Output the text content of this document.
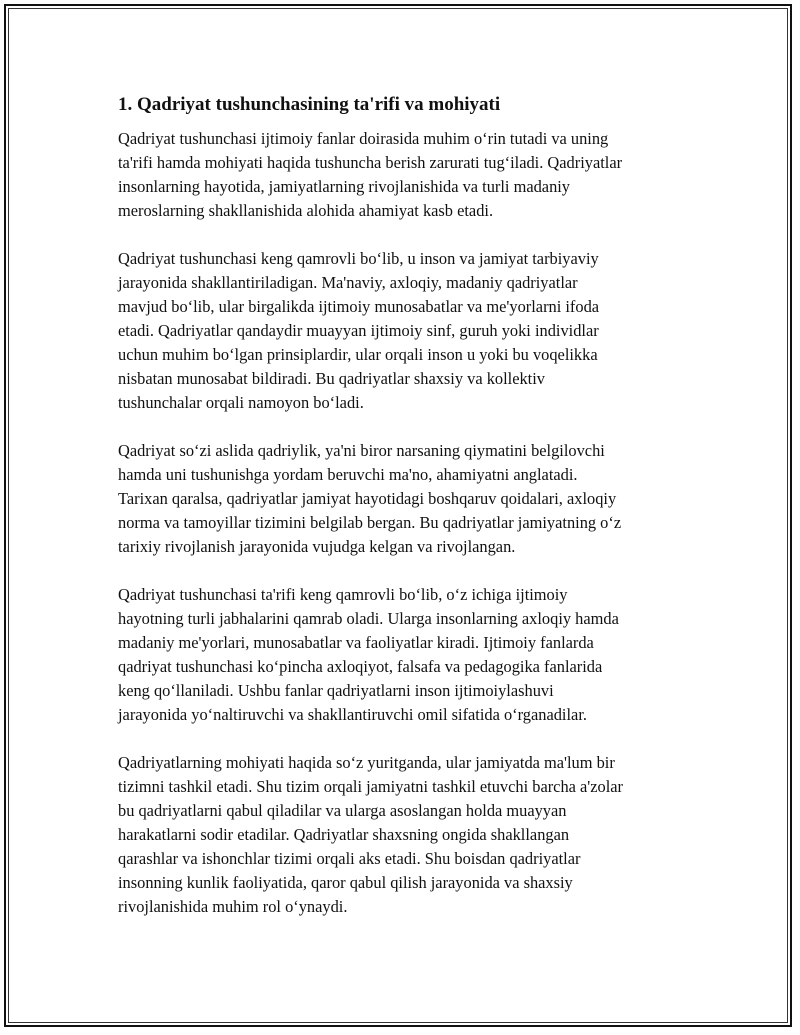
1. Qadriyat tushunchasining ta'rifi va mohiyati

Qadriyat tushunchasi ijtimoiy fanlar doirasida muhim o‘rin tutadi va uning
ta'rifi hamda mohiyati haqida tushuncha berish zarurati tug‘iladi. Qadriyatlar
insonlarning hayotida, jamiyatlarning rivojlanishida va turli madaniy
meroslarning shakllanishida alohida ahamiyat kasb etadi.

Qadriyat tushunchasi keng qamrovli bo‘lib, u inson va jamiyat tarbiyaviy
jarayonida shakllantiriladigan. Ma'naviy, axloqiy, madaniy qadriyatlar
mavjud bo‘lib, ular birgalikda ijtimoiy munosabatlar va me'yorlarni ifoda
etadi. Qadriyatlar qandaydir muayyan ijtimoiy sinf, guruh yoki individlar
uchun muhim bo‘lgan prinsiplardir, ular orqali inson u yoki bu voqelikka
nisbatan munosabat bildiradi. Bu qadriyatlar shaxsiy va kollektiv
tushunchalar orqali namoyon bo‘ladi.

Qadriyat so‘zi aslida qadriylik, ya'ni biror narsaning qiymatini belgilovchi
hamda uni tushunishga yordam beruvchi ma'no, ahamiyatni anglatadi.
Tarixan qaralsa, qadriyatlar jamiyat hayotidagi boshqaruv qoidalari, axloqiy
norma va tamoyillar tizimini belgilab bergan. Bu qadriyatlar jamiyatning o‘z
tarixiy rivojlanish jarayonida vujudga kelgan va rivojlangan.

Qadriyat tushunchasi ta'rifi keng qamrovli bo‘lib, o‘z ichiga ijtimoiy
hayotning turli jabhalarini qamrab oladi. Ularga insonlarning axloqiy hamda
madaniy me'yorlari, munosabatlar va faoliyatlar kiradi. Ijtimoiy fanlarda
qadriyat tushunchasi ko‘pincha axloqiyot, falsafa va pedagogika fanlarida
keng qo‘llaniladi. Ushbu fanlar qadriyatlarni inson ijtimoiylashuvi
jarayonida yo‘naltiruvchi va shakllantiruvchi omil sifatida o‘rganadilar.

Qadriyatlarning mohiyati haqida so‘z yuritganda, ular jamiyatda ma'lum bir
tizimni tashkil etadi. Shu tizim orqali jamiyatni tashkil etuvchi barcha a'zolar
bu qadriyatlarni qabul qiladilar va ularga asoslangan holda muayyan
harakatlarni sodir etadilar. Qadriyatlar shaxsning ongida shakllangan
qarashlar va ishonchlar tizimi orqali aks etadi. Shu boisdan qadriyatlar
insonning kunlik faoliyatida, qaror qabul qilish jarayonida va shaxsiy
rivojlanishida muhim rol o‘ynaydi.
